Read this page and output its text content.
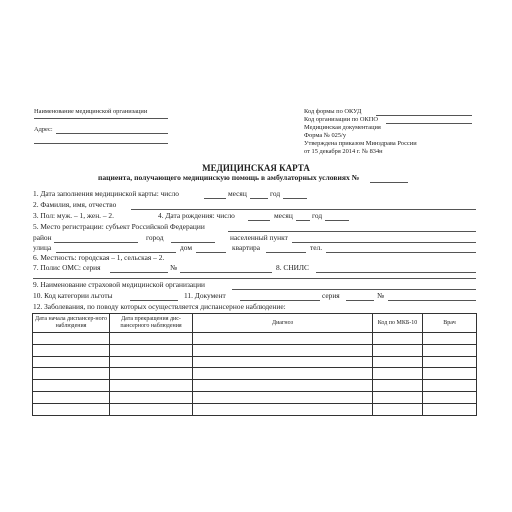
Наименование медицинской организации
Адрес:
Код формы по ОКУД
Код организации по ОКПО
Медицинская документация
Форма № 025/у
Утверждена приказом Минздрава России
от 15 декабря 2014 г. № 834н
МЕДИЦИНСКАЯ КАРТА
пациента, получающего медицинскую помощь в амбулаторных условиях №
1. Дата заполнения медицинской карты: число	месяц	год
2. Фамилия, имя, отчество
3. Пол: муж. – 1, жен. – 2.	4. Дата рождения: число	месяц	год
5. Место регистрации: субъект Российской Федерации
район	город	населенный пункт
улица	дом	квартира	тел.
6. Местность: городская – 1, сельская – 2.
7. Полис ОМС: серия	№	8. СНИЛС
9. Наименование страховой медицинской организации
10. Код категории льготы	11. Документ	серия	№
12. Заболевания, по поводу которых осуществляется диспансерное наблюдение:
Дата начала диспансер-ного наблюдения	Дата прекращения дис-пансерного наблюдения	Диагноз	Код по МКБ-10	Врач
